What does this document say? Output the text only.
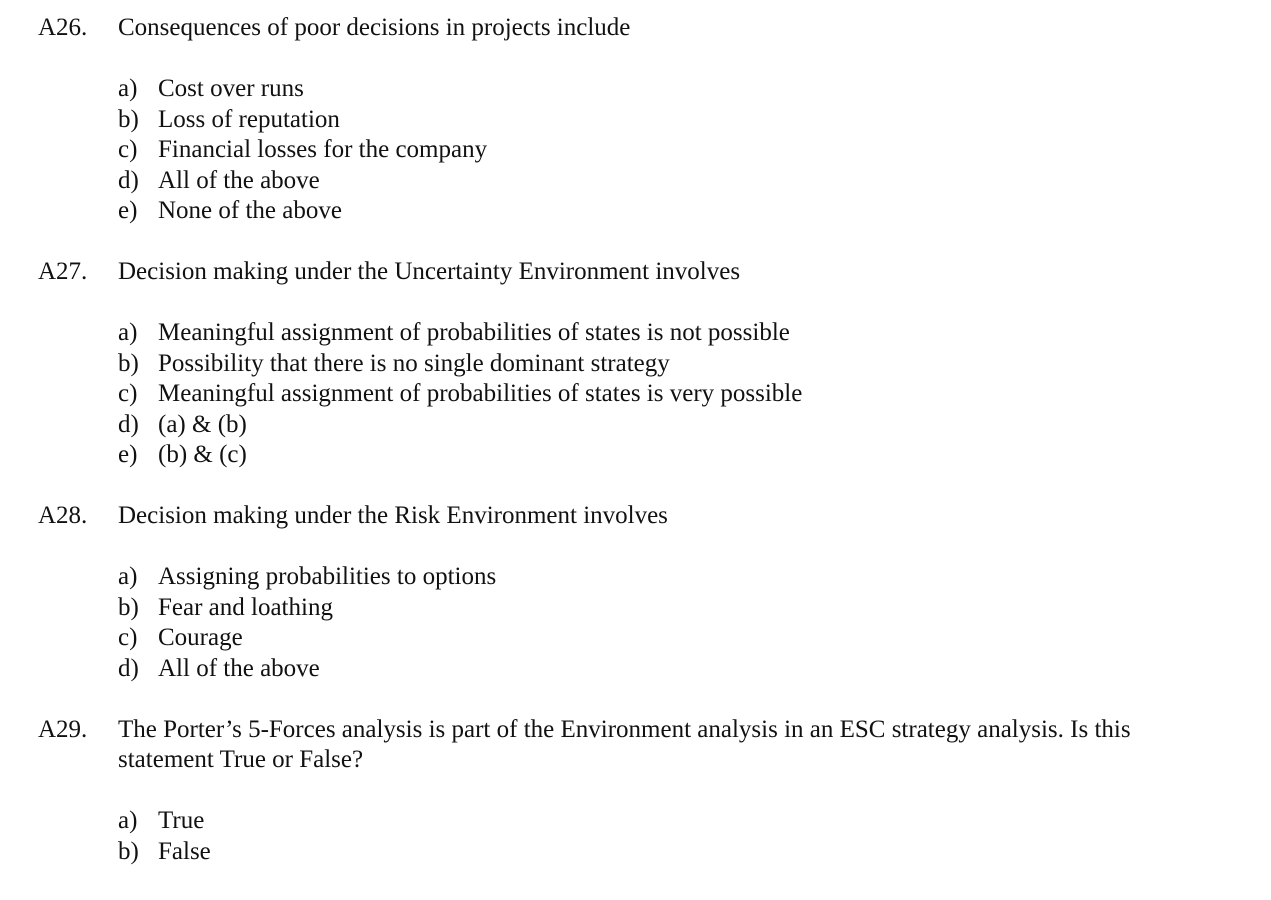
A26. Consequences of poor decisions in projects include
a) Cost over runs
b) Loss of reputation
c) Financial losses for the company
d) All of the above
e) None of the above
A27. Decision making under the Uncertainty Environment involves
a) Meaningful assignment of probabilities of states is not possible
b) Possibility that there is no single dominant strategy
c) Meaningful assignment of probabilities of states is very possible
d) (a) & (b)
e) (b) & (c)
A28. Decision making under the Risk Environment involves
a) Assigning probabilities to options
b) Fear and loathing
c) Courage
d) All of the above
A29. The Porter’s 5-Forces analysis is part of the Environment analysis in an ESC strategy analysis. Is this statement True or False?
a) True
b) False
